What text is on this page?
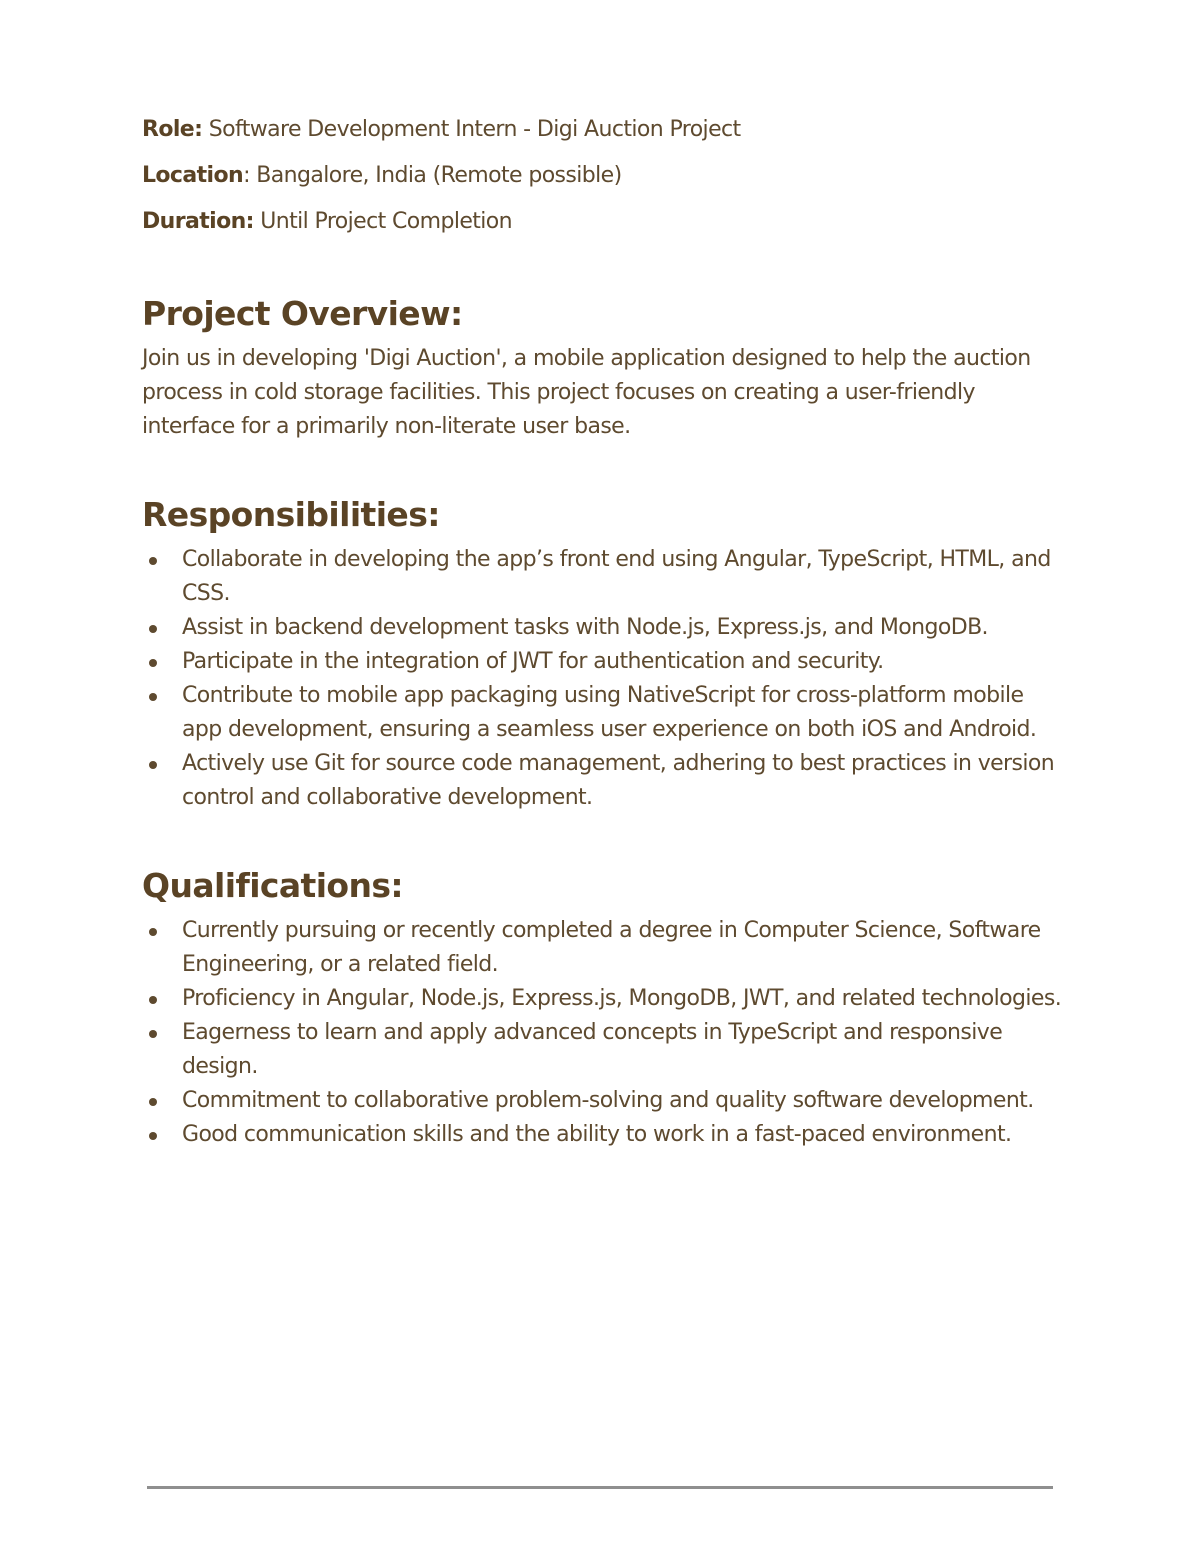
Role: Software Development Intern - Digi Auction Project

Location: Bangalore, India (Remote possible)

Duration: Until Project Completion

Project Overview:

Join us in developing 'Digi Auction', a mobile application designed to help the auction process in cold storage facilities. This project focuses on creating a user-friendly interface for a primarily non-literate user base.

Responsibilities:
Collaborate in developing the app’s front end using Angular, TypeScript, HTML, and CSS.
Assist in backend development tasks with Node.js, Express.js, and MongoDB.
Participate in the integration of JWT for authentication and security.
Contribute to mobile app packaging using NativeScript for cross-platform mobile app development, ensuring a seamless user experience on both iOS and Android.
Actively use Git for source code management, adhering to best practices in version control and collaborative development.
Qualifications:
Currently pursuing or recently completed a degree in Computer Science, Software Engineering, or a related field.
Proficiency in Angular, Node.js, Express.js, MongoDB, JWT, and related technologies.
Eagerness to learn and apply advanced concepts in TypeScript and responsive design.
Commitment to collaborative problem-solving and quality software development.
Good communication skills and the ability to work in a fast-paced environment.
